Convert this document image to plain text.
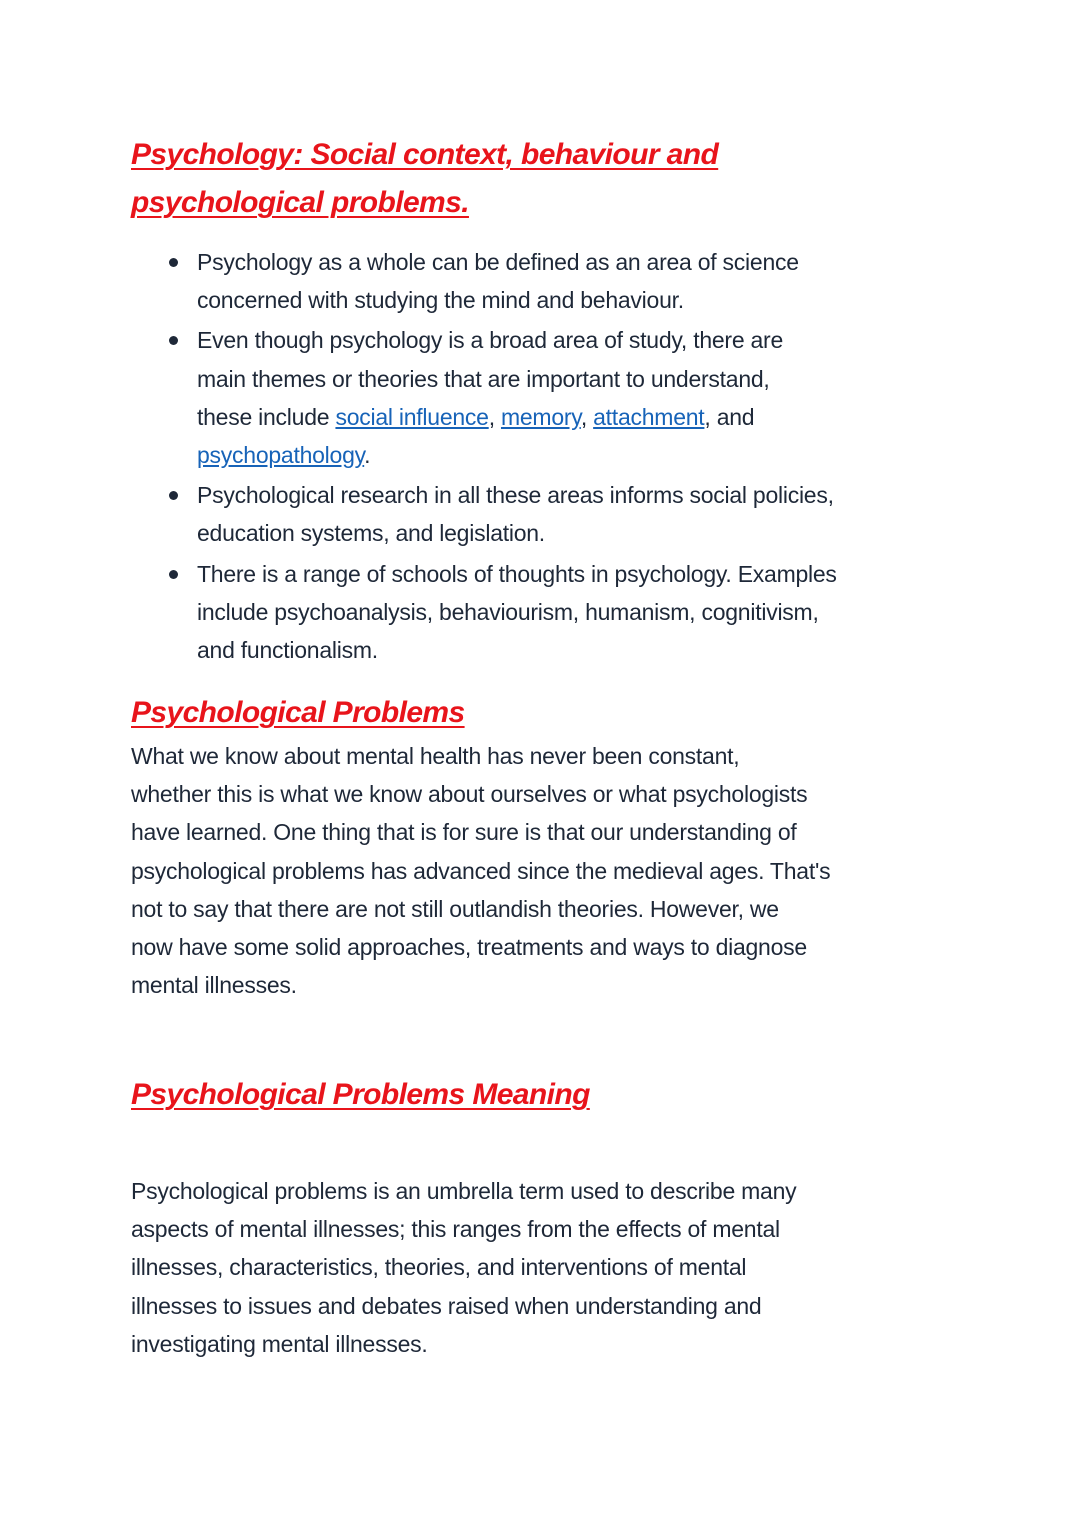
Psychology: Social context, behaviour and
psychological problems.
Psychology as a whole can be defined as an area of science
concerned with studying the mind and behaviour.
Even though psychology is a broad area of study, there are
main themes or theories that are important to understand,
these include social influence, memory, attachment, and
psychopathology.
Psychological research in all these areas informs social policies,
education systems, and legislation.
There is a range of schools of thoughts in psychology. Examples
include psychoanalysis, behaviourism, humanism, cognitivism,
and functionalism.
Psychological Problems
What we know about mental health has never been constant,
whether this is what we know about ourselves or what psychologists
have learned. One thing that is for sure is that our understanding of
psychological problems has advanced since the medieval ages. That's
not to say that there are not still outlandish theories. However, we
now have some solid approaches, treatments and ways to diagnose
mental illnesses.
Psychological Problems Meaning
Psychological problems is an umbrella term used to describe many
aspects of mental illnesses; this ranges from the effects of mental
illnesses, characteristics, theories, and interventions of mental
illnesses to issues and debates raised when understanding and
investigating mental illnesses.
